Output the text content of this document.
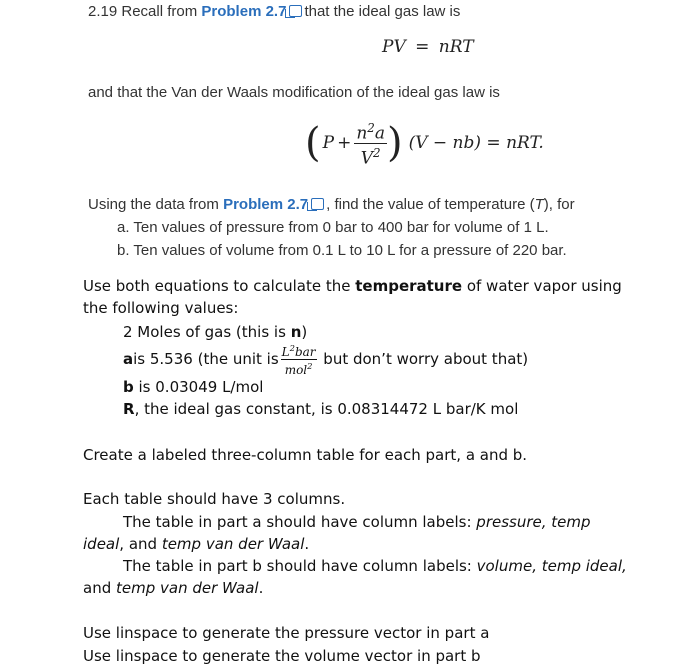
2.19 Recall from Problem 2.7 that the ideal gas law is
PV = nRT
and that the Van der Waals modification of the ideal gas law is
( $P + \frac{n^2a}{V^2}$ ) (V − nb) = nRT.
Using the data from Problem 2.7 , find the value of temperature (T), for
a. Ten values of pressure from 0 bar to 400 bar for volume of 1 L.
b. Ten values of volume from 0.1 L to 10 L for a pressure of 220 bar.
Use both equations to calculate the temperature of water vapor using
the following values:
2 Moles of gas (this is n)
a is 5.536 (the unit is $\frac{L^2bar}{mol^2}$ but don’t worry about that)
b is 0.03049 L/mol
R, the ideal gas constant, is 0.08314472 L bar/K mol
Create a labeled three-column table for each part, a and b.
Each table should have 3 columns.
The table in part a should have column labels: pressure, temp
ideal, and temp van der Waal.
The table in part b should have column labels: volume, temp ideal,
and temp van der Waal.
Use linspace to generate the pressure vector in part a
Use linspace to generate the volume vector in part b
